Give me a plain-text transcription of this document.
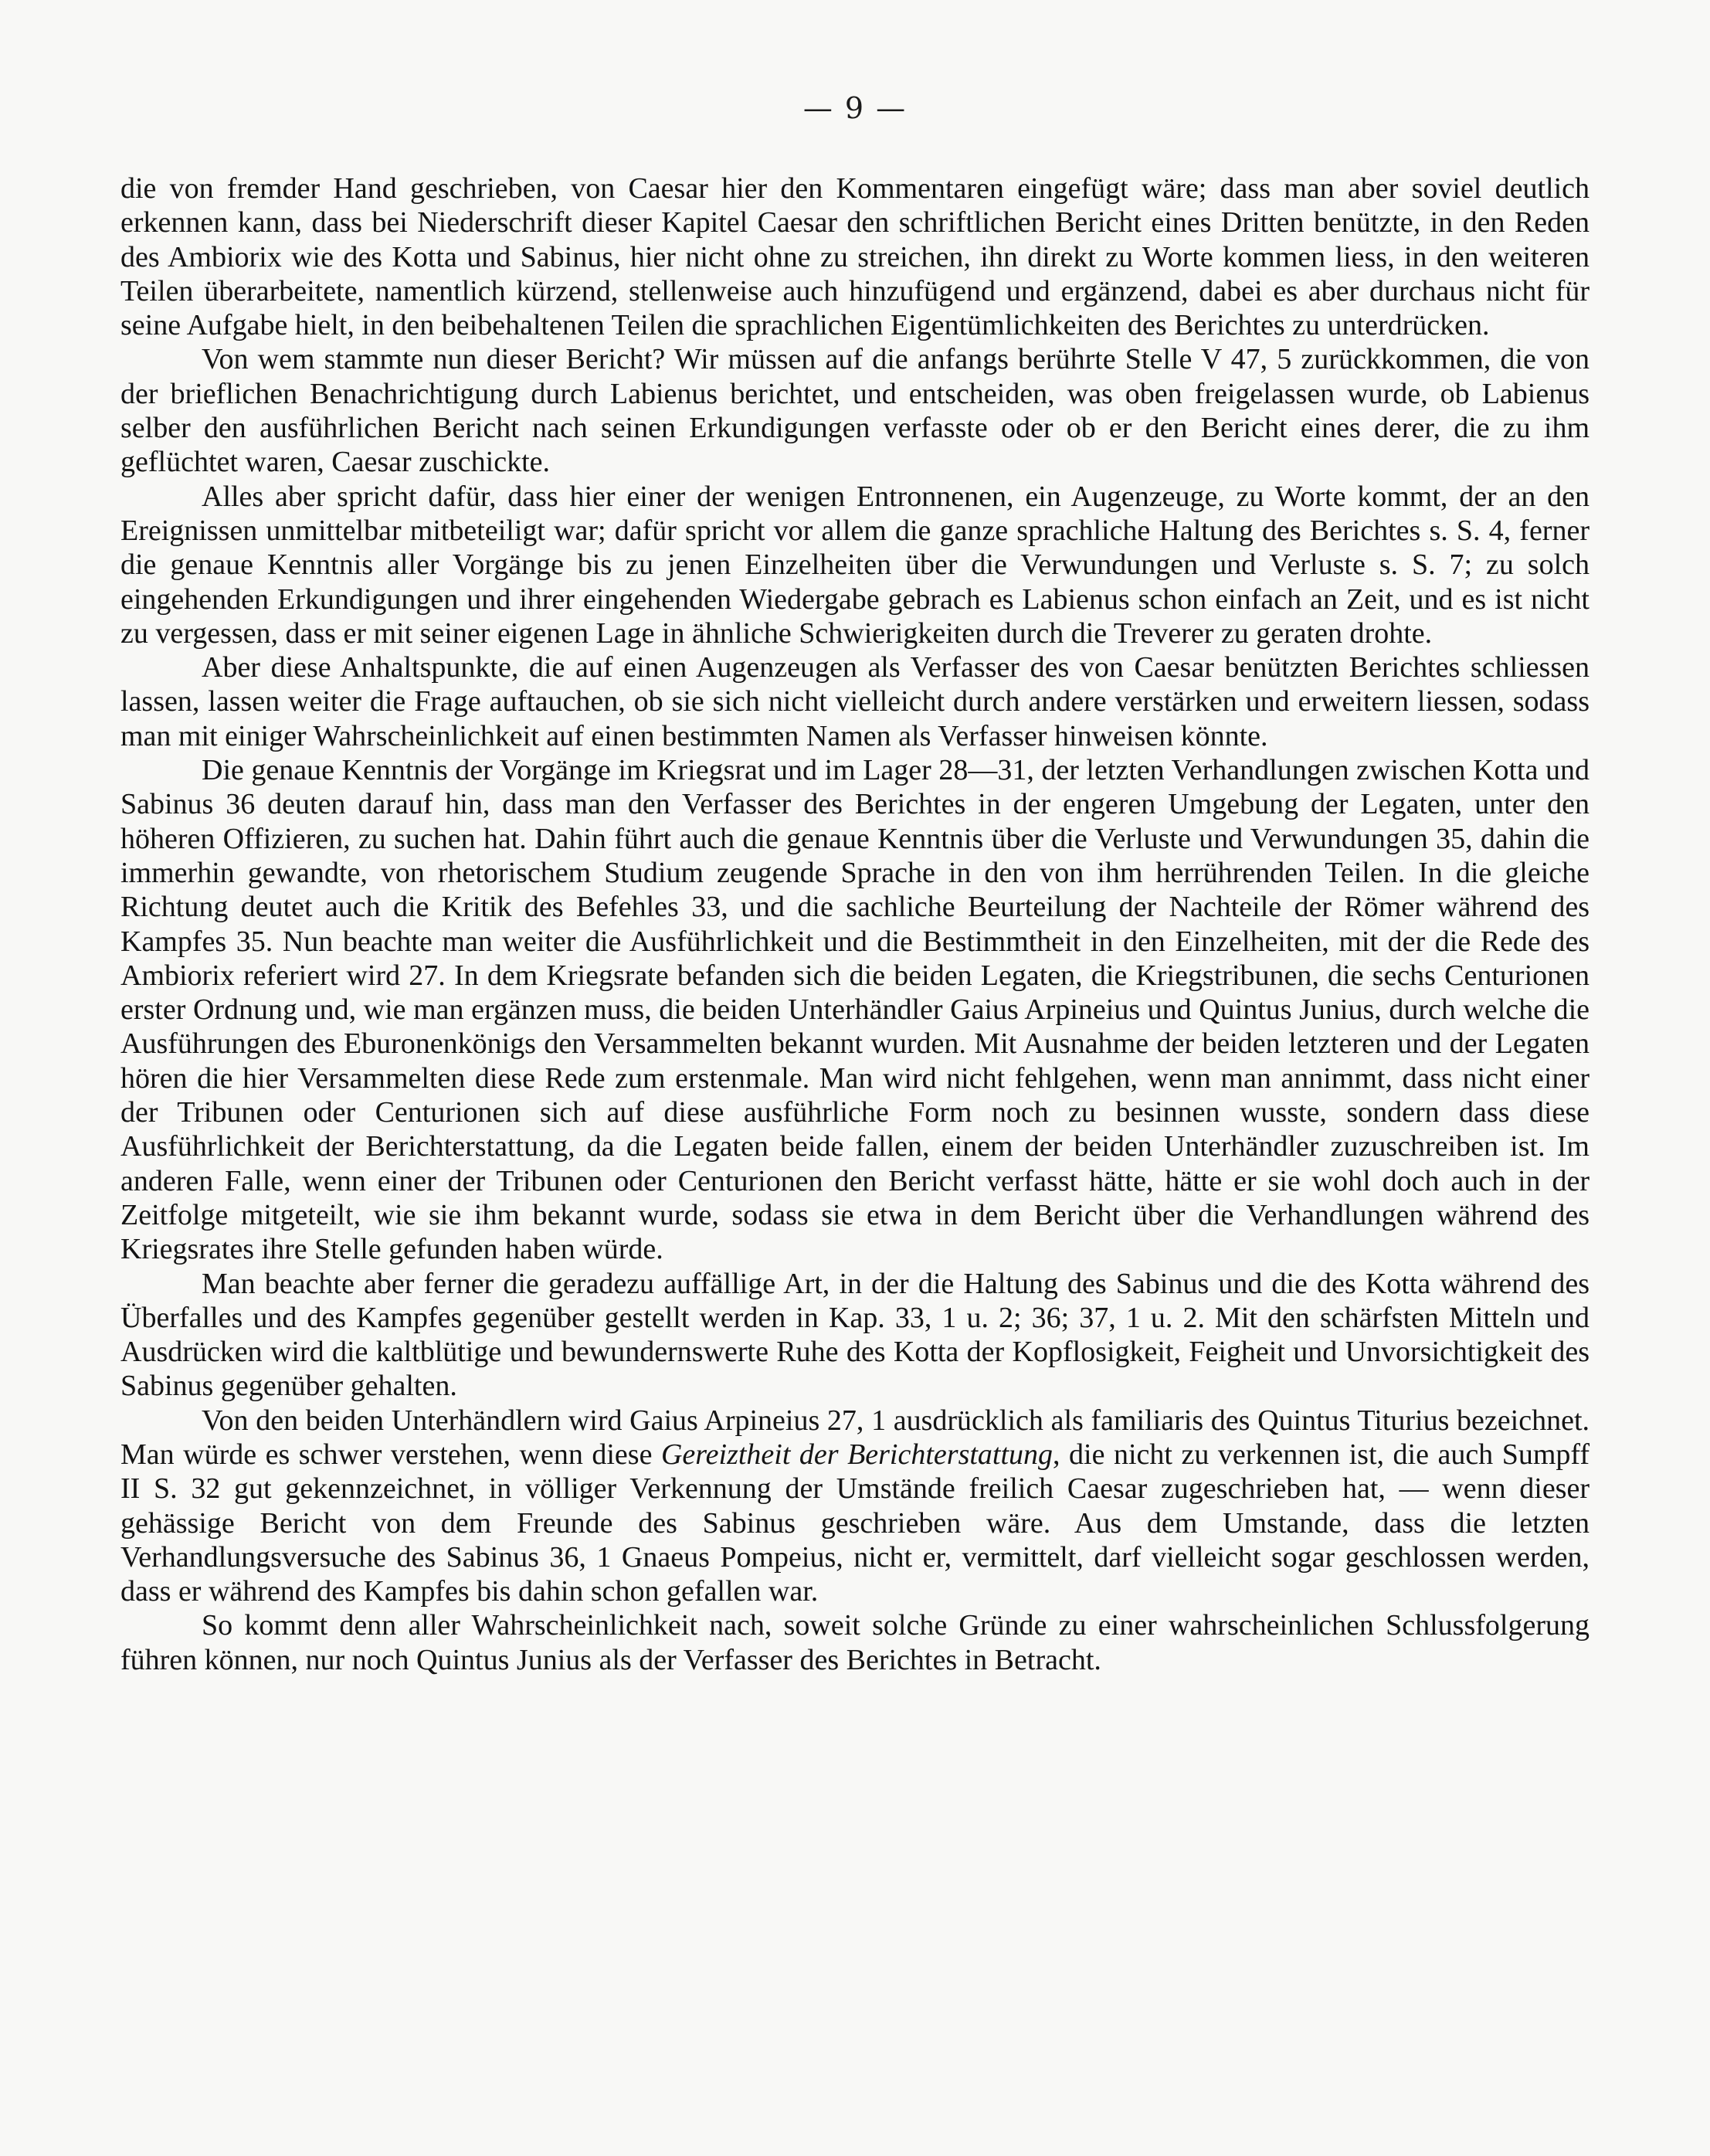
— 9 —

die von fremder Hand geschrieben, von Caesar hier den Kommentaren eingefügt wäre; dass man aber soviel deutlich erkennen kann, dass bei Niederschrift dieser Kapitel Caesar den schriftlichen Bericht eines Dritten benützte, in den Reden des Ambiorix wie des Kotta und Sabinus, hier nicht ohne zu streichen, ihn direkt zu Worte kommen liess, in den weiteren Teilen überarbeitete, namentlich kürzend, stellenweise auch hinzufügend und ergänzend, dabei es aber durchaus nicht für seine Aufgabe hielt, in den beibehaltenen Teilen die sprachlichen Eigentümlichkeiten des Berichtes zu unterdrücken.

Von wem stammte nun dieser Bericht? Wir müssen auf die anfangs berührte Stelle V 47, 5 zurückkommen, die von der brieflichen Benachrichtigung durch Labienus berichtet, und entscheiden, was oben freigelassen wurde, ob Labienus selber den ausführlichen Bericht nach seinen Erkundigungen verfasste oder ob er den Bericht eines derer, die zu ihm geflüchtet waren, Caesar zuschickte.

Alles aber spricht dafür, dass hier einer der wenigen Entronnenen, ein Augenzeuge, zu Worte kommt, der an den Ereignissen unmittelbar mitbeteiligt war; dafür spricht vor allem die ganze sprachliche Haltung des Berichtes s. S. 4, ferner die genaue Kenntnis aller Vorgänge bis zu jenen Einzelheiten über die Verwundungen und Verluste s. S. 7; zu solch eingehenden Erkundigungen und ihrer eingehenden Wiedergabe gebrach es Labienus schon einfach an Zeit, und es ist nicht zu vergessen, dass er mit seiner eigenen Lage in ähnliche Schwierigkeiten durch die Treverer zu geraten drohte.

Aber diese Anhaltspunkte, die auf einen Augenzeugen als Verfasser des von Caesar benützten Berichtes schliessen lassen, lassen weiter die Frage auftauchen, ob sie sich nicht vielleicht durch andere verstärken und erweitern liessen, sodass man mit einiger Wahrscheinlichkeit auf einen bestimmten Namen als Verfasser hinweisen könnte.

Die genaue Kenntnis der Vorgänge im Kriegsrat und im Lager 28—31, der letzten Verhandlungen zwischen Kotta und Sabinus 36 deuten darauf hin, dass man den Verfasser des Berichtes in der engeren Umgebung der Legaten, unter den höheren Offizieren, zu suchen hat. Dahin führt auch die genaue Kenntnis über die Verluste und Verwundungen 35, dahin die immerhin gewandte, von rhetorischem Studium zeugende Sprache in den von ihm herrührenden Teilen. In die gleiche Richtung deutet auch die Kritik des Befehles 33, und die sachliche Beurteilung der Nachteile der Römer während des Kampfes 35. Nun beachte man weiter die Ausführlichkeit und die Bestimmtheit in den Einzelheiten, mit der die Rede des Ambiorix referiert wird 27. In dem Kriegsrate befanden sich die beiden Legaten, die Kriegstribunen, die sechs Centurionen erster Ordnung und, wie man ergänzen muss, die beiden Unterhändler Gaius Arpineius und Quintus Junius, durch welche die Ausführungen des Eburonenkönigs den Versammelten bekannt wurden. Mit Ausnahme der beiden letzteren und der Legaten hören die hier Versammelten diese Rede zum erstenmale. Man wird nicht fehlgehen, wenn man annimmt, dass nicht einer der Tribunen oder Centurionen sich auf diese ausführliche Form noch zu besinnen wusste, sondern dass diese Ausführlichkeit der Berichterstattung, da die Legaten beide fallen, einem der beiden Unterhändler zuzuschreiben ist. Im anderen Falle, wenn einer der Tribunen oder Centurionen den Bericht verfasst hätte, hätte er sie wohl doch auch in der Zeitfolge mitgeteilt, wie sie ihm bekannt wurde, sodass sie etwa in dem Bericht über die Verhandlungen während des Kriegsrates ihre Stelle gefunden haben würde.

Man beachte aber ferner die geradezu auffällige Art, in der die Haltung des Sabinus und die des Kotta während des Überfalles und des Kampfes gegenüber gestellt werden in Kap. 33, 1 u. 2; 36; 37, 1 u. 2. Mit den schärfsten Mitteln und Ausdrücken wird die kaltblütige und bewundernswerte Ruhe des Kotta der Kopflosigkeit, Feigheit und Unvorsichtigkeit des Sabinus gegenüber gehalten.

Von den beiden Unterhändlern wird Gaius Arpineius 27, 1 ausdrücklich als familiaris des Quintus Titurius bezeichnet. Man würde es schwer verstehen, wenn diese Gereiztheit der Berichterstattung, die nicht zu verkennen ist, die auch Sumpff II S. 32 gut gekennzeichnet, in völliger Verkennung der Umstände freilich Caesar zugeschrieben hat, — wenn dieser gehässige Bericht von dem Freunde des Sabinus geschrieben wäre. Aus dem Umstande, dass die letzten Verhandlungsversuche des Sabinus 36, 1 Gnaeus Pompeius, nicht er, vermittelt, darf vielleicht sogar geschlossen werden, dass er während des Kampfes bis dahin schon gefallen war.

So kommt denn aller Wahrscheinlichkeit nach, soweit solche Gründe zu einer wahrscheinlichen Schlussfolgerung führen können, nur noch Quintus Junius als der Verfasser des Berichtes in Betracht.
